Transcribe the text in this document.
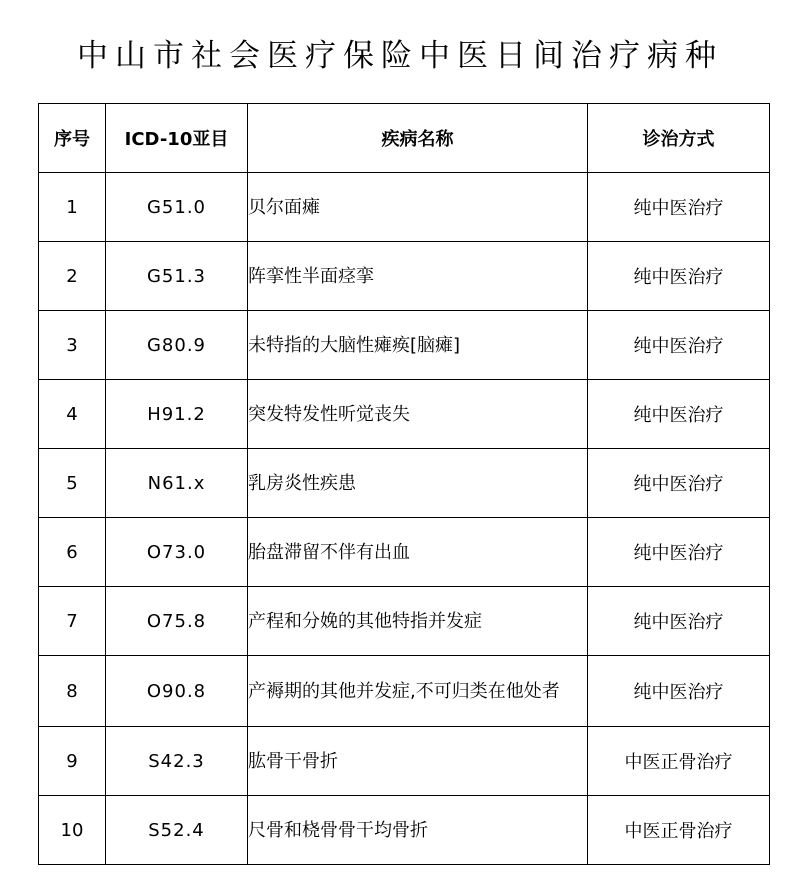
中山市社会医疗保险中医日间治疗病种
序号	ICD-10亚目	疾病名称	诊治方式
1	G51.0	贝尔面瘫	纯中医治疗
2	G51.3	阵挛性半面痉挛	纯中医治疗
3	G80.9	未特指的大脑性瘫痪[脑瘫]	纯中医治疗
4	H91.2	突发特发性听觉丧失	纯中医治疗
5	N61.x	乳房炎性疾患	纯中医治疗
6	O73.0	胎盘滞留不伴有出血	纯中医治疗
7	O75.8	产程和分娩的其他特指并发症	纯中医治疗
8	O90.8	产褥期的其他并发症,不可归类在他处者	纯中医治疗
9	S42.3	肱骨干骨折	中医正骨治疗
10	S52.4	尺骨和桡骨骨干均骨折	中医正骨治疗
